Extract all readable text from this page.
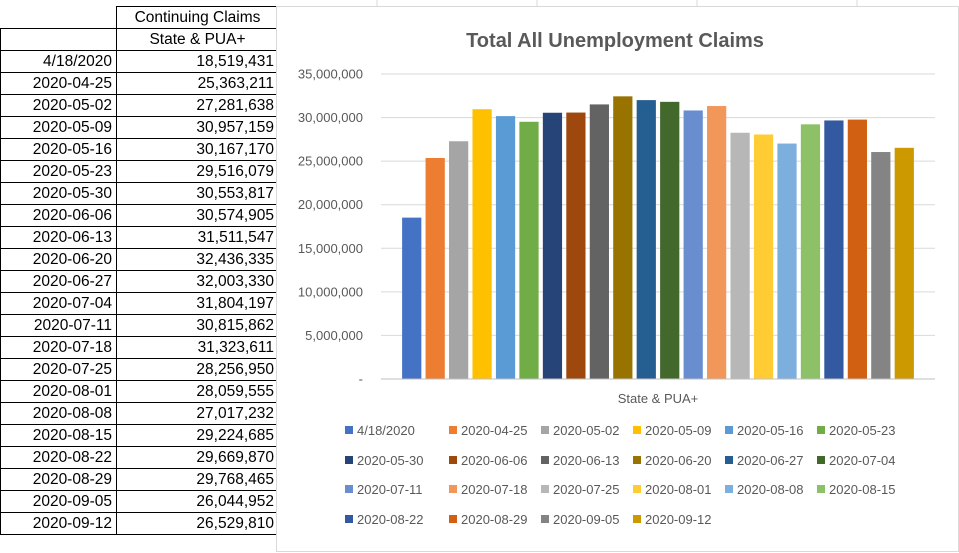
	Continuing Claims
	State & PUA+
4/18/2020	18,519,431
2020-04-25	25,363,211
2020-05-02	27,281,638
2020-05-09	30,957,159
2020-05-16	30,167,170
2020-05-23	29,516,079
2020-05-30	30,553,817
2020-06-06	30,574,905
2020-06-13	31,511,547
2020-06-20	32,436,335
2020-06-27	32,003,330
2020-07-04	31,804,197
2020-07-11	30,815,862
2020-07-18	31,323,611
2020-07-25	28,256,950
2020-08-01	28,059,555
2020-08-08	27,017,232
2020-08-15	29,224,685
2020-08-22	29,669,870
2020-08-29	29,768,465
2020-09-05	26,044,952
2020-09-12	26,529,810
Total All Unemployment Claims
-
5,000,000
10,000,000
15,000,000
20,000,000
25,000,000
30,000,000
35,000,000
State & PUA+
4/18/2020	2020-04-25 2020-05-02 2020-05-09 2020-05-16 2020-05-23
2020-05-30	2020-06-06 2020-06-13 2020-06-20 2020-06-27 2020-07-04
2020-07-11	2020-07-18 2020-07-25 2020-08-01 2020-08-08 2020-08-15
2020-08-22	2020-08-29 2020-09-05 2020-09-12
